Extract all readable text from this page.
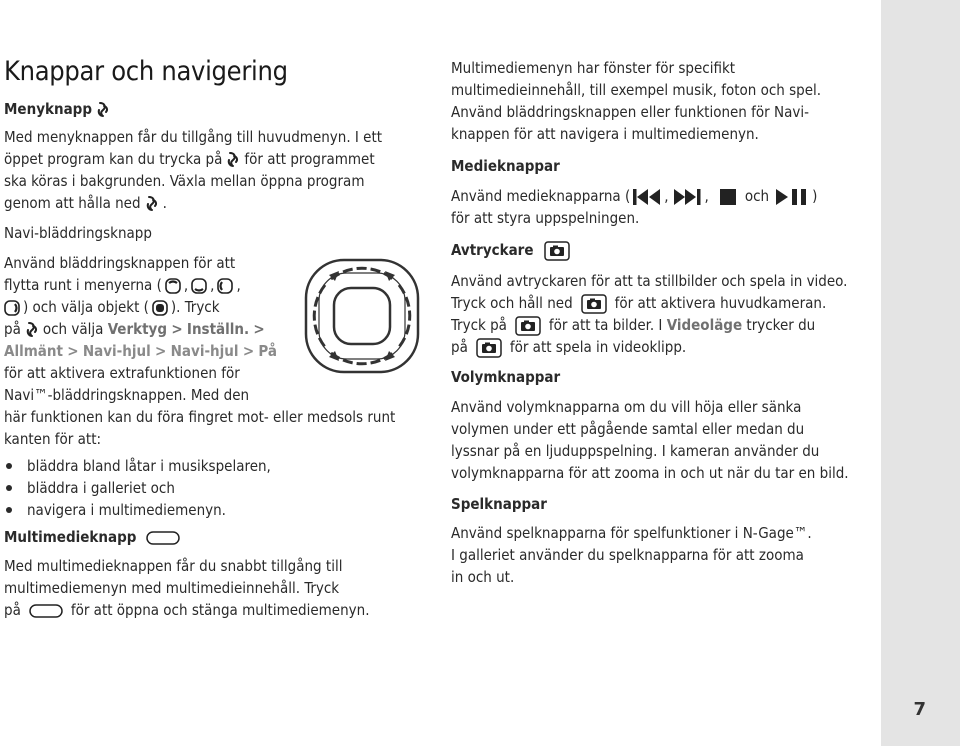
7
Knappar och navigering
Menyknapp

Med menyknappen får du tillgång till huvudmenyn. I ett

öppet program kan du trycka på för att programmet

ska köras i bakgrunden. Växla mellan öppna program

genom att hålla ned .

Navi-bläddringsknapp

Använd bläddringsknappen för att

flytta runt i menyerna ( , , ,

) och välja objekt ( ). Tryck

på och välja Verktyg > Inställn. >

Allmänt > Navi-hjul > Navi-hjul > På

för att aktivera extrafunktionen för

Navi™-bläddringsknappen. Med den

här funktionen kan du föra fingret mot- eller medsols runt

kanten för att:

bläddra bland låtar i musikspelaren,
bläddra i galleriet och
navigera i multimediemenyn.
Multimedieknapp

Med multimedieknappen får du snabbt tillgång till

multimediemenyn med multimedieinnehåll. Tryck

på	för att öppna och stänga multimediemenyn.

Multimediemenyn har fönster för specifikt

multimedieinnehåll, till exempel musik, foton och spel.

Använd bläddringsknappen eller funktionen för Navi-

knappen för att navigera i multimediemenyn.

Medieknappar

Använd medieknapparna ( , , och	)

för att styra uppspelningen.

Avtryckare

Använd avtryckaren för att ta stillbilder och spela in video.

Tryck och håll ned	för att aktivera huvudkameran.

Tryck på	för att ta bilder. I Videoläge trycker du

på	för att spela in videoklipp.

Volymknappar

Använd volymknapparna om du vill höja eller sänka

volymen under ett pågående samtal eller medan du

lyssnar på en ljuduppspelning. I kameran använder du

volymknapparna för att zooma in och ut när du tar en bild.

Spelknappar

Använd spelknapparna för spelfunktioner i N-Gage™.

I galleriet använder du spelknapparna för att zooma

in och ut.
